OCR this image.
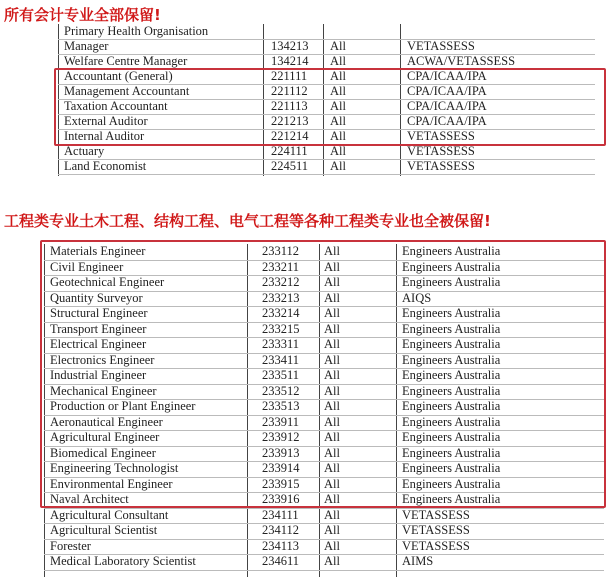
所有会计专业全部保留!
Primary Health Organisation
Manager	134213 All	VETASSESS
Welfare Centre Manager	134214 All	ACWA/VETASSESS
Accountant (General)	221111 All	CPA/ICAA/IPA
Management Accountant	221112 All	CPA/ICAA/IPA
Taxation Accountant	221113 All	CPA/ICAA/IPA
External Auditor	221213 All	CPA/ICAA/IPA
Internal Auditor	221214 All	VETASSESS
Actuary	224111 All	VETASSESS
Land Economist	224511 All	VETASSESS
工程类专业土木工程、结构工程、电气工程等各种工程类专业也全被保留!
Materials Engineer	233112 All	Engineers Australia
Civil Engineer	233211 All	Engineers Australia
Geotechnical Engineer	233212 All	Engineers Australia
Quantity Surveyor	233213 All	AIQS
Structural Engineer	233214 All	Engineers Australia
Transport Engineer	233215 All	Engineers Australia
Electrical Engineer	233311 All	Engineers Australia
Electronics Engineer	233411 All	Engineers Australia
Industrial Engineer	233511 All	Engineers Australia
Mechanical Engineer	233512 All	Engineers Australia
Production or Plant Engineer	233513 All	Engineers Australia
Aeronautical Engineer	233911 All	Engineers Australia
Agricultural Engineer	233912 All	Engineers Australia
Biomedical Engineer	233913 All	Engineers Australia
Engineering Technologist	233914 All	Engineers Australia
Environmental Engineer	233915 All	Engineers Australia
Naval Architect	233916 All	Engineers Australia
Agricultural Consultant	234111 All	VETASSESS
Agricultural Scientist	234112 All	VETASSESS
Forester	234113 All	VETASSESS
Medical Laboratory Scientist	234611 All	AIMS
